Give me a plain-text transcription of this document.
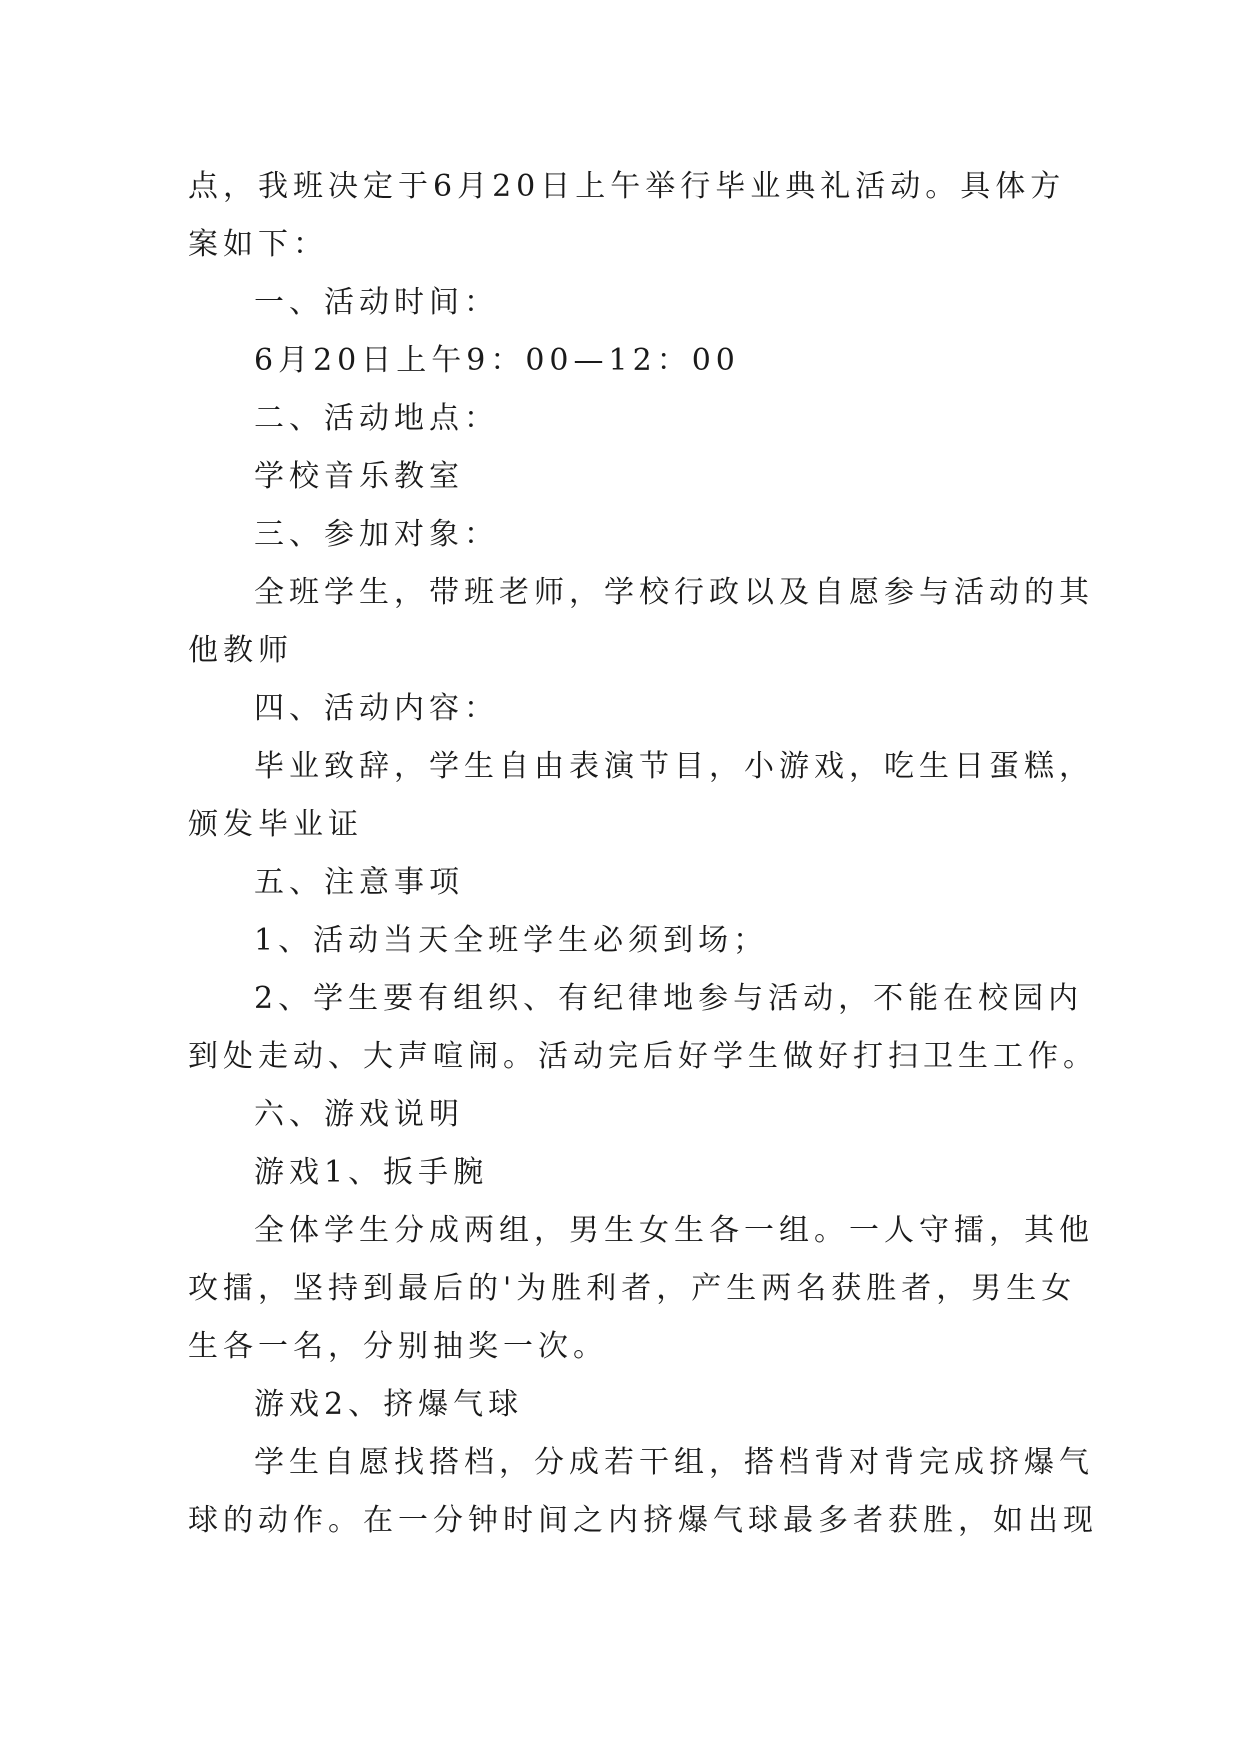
点，我班决定于6月20日上午举行毕业典礼活动。具体方

案如下：

一、活动时间：

6月20日上午9：00—12：00

二、活动地点：

学校音乐教室

三、参加对象：

全班学生，带班老师，学校行政以及自愿参与活动的其

他教师

四、活动内容：

毕业致辞，学生自由表演节目，小游戏，吃生日蛋糕，

颁发毕业证

五、注意事项

1、活动当天全班学生必须到场；

2、学生要有组织、有纪律地参与活动，不能在校园内

到处走动、大声喧闹。活动完后好学生做好打扫卫生工作。

六、游戏说明

游戏1、扳手腕

全体学生分成两组，男生女生各一组。一人守擂，其他

攻擂，坚持到最后的'为胜利者，产生两名获胜者，男生女

生各一名，分别抽奖一次。

游戏2、挤爆气球

学生自愿找搭档，分成若干组，搭档背对背完成挤爆气

球的动作。在一分钟时间之内挤爆气球最多者获胜，如出现
